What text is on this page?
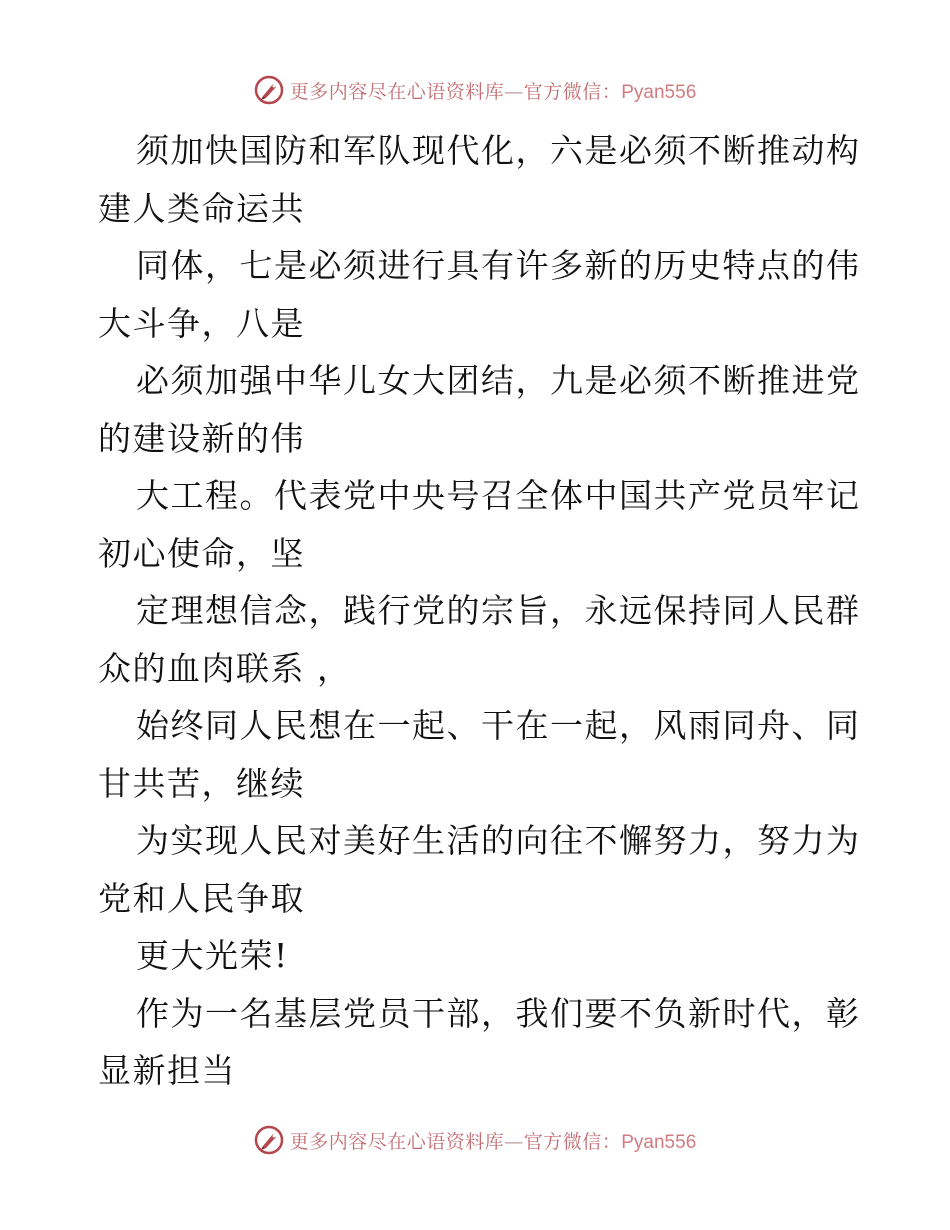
更多内容尽在心语资料库—官方微信：Pyan556

须加快国防和军队现代化，六是必须不断推动构
建人类命运共

同体，七是必须进行具有许多新的历史特点的伟
大斗争，八是

必须加强中华儿女大团结，九是必须不断推进党
的建设新的伟

大工程。代表党中央号召全体中国共产党员牢记
初心使命，坚

定理想信念，践行党的宗旨，永远保持同人民群
众的血肉联系 ，

始终同人民想在一起、干在一起，风雨同舟、同
甘共苦，继续

为实现人民对美好生活的向往不懈努力，努力为
党和人民争取

更大光荣!

作为一名基层党员干部，我们要不负新时代，彰
显新担当

更多内容尽在心语资料库—官方微信：Pyan556
